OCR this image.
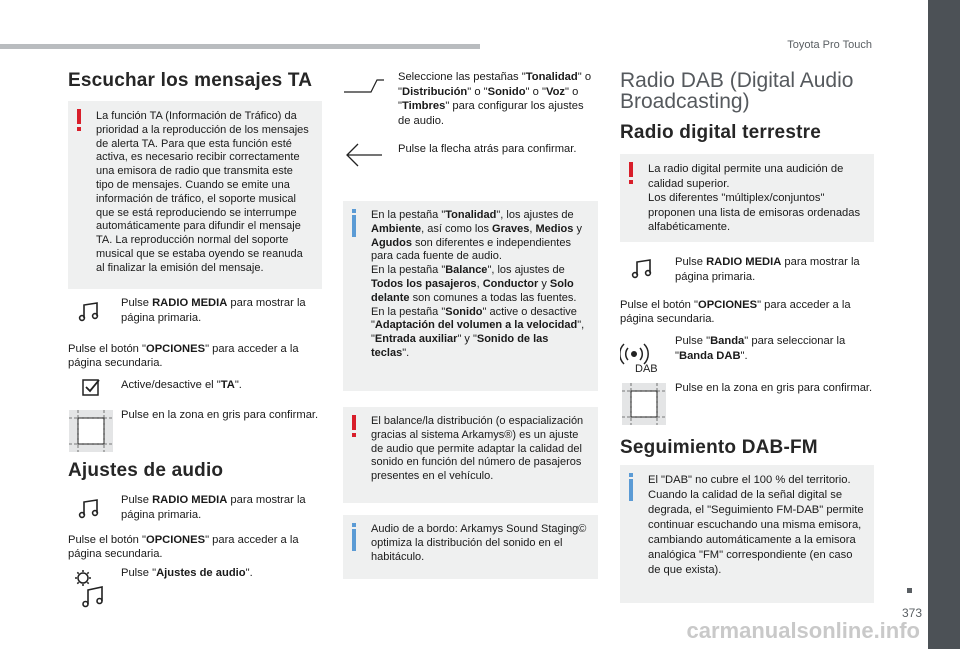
Toyota Pro Touch
373
carmanualsonline.info
Escuchar los mensajes TA
La función TA (Información de Tráfico) da prioridad a la reproducción de los mensajes de alerta TA. Para que esta función esté activa, es necesario recibir correctamente una emisora de radio que transmita este tipo de mensajes. Cuando se emite una información de tráfico, el soporte musical que se está reproduciendo se interrumpe automáticamente para difundir el mensaje TA. La reproducción normal del soporte musical que se estaba oyendo se reanuda al finalizar la emisión del mensaje.
Pulse RADIO MEDIA para mostrar la página primaria.
Pulse el botón "OPCIONES" para acceder a la página secundaria.
Active/desactive el "TA".
Pulse en la zona en gris para confirmar.
Ajustes de audio
Pulse RADIO MEDIA para mostrar la página primaria.
Pulse el botón "OPCIONES" para acceder a la página secundaria.
Pulse "Ajustes de audio".
Seleccione las pestañas "Tonalidad" o "Distribución" o "Sonido" o "Voz" o "Timbres" para configurar los ajustes de audio.
Pulse la flecha atrás para confirmar.
En la pestaña "Tonalidad", los ajustes de Ambiente, así como los Graves, Medios y Agudos son diferentes e independientes para cada fuente de audio.
En la pestaña "Balance", los ajustes de Todos los pasajeros, Conductor y Solo delante son comunes a todas las fuentes.
En la pestaña "Sonido" active o desactive "Adaptación del volumen a la velocidad", "Entrada auxiliar" y "Sonido de las teclas".
El balance/la distribución (o espacialización gracias al sistema Arkamys®) es un ajuste de audio que permite adaptar la calidad del sonido en función del número de pasajeros presentes en el vehículo.
Audio de a bordo: Arkamys Sound Staging© optimiza la distribución del sonido en el habitáculo.
Radio DAB (Digital Audio
Broadcasting)
Radio digital terrestre
La radio digital permite una audición de calidad superior.
Los diferentes "múltiplex/conjuntos" proponen una lista de emisoras ordenadas alfabéticamente.
Pulse RADIO MEDIA para mostrar la página primaria.
Pulse el botón "OPCIONES" para acceder a la página secundaria.
DAB
Pulse "Banda" para seleccionar la "Banda DAB".
Pulse en la zona en gris para confirmar.
Seguimiento DAB-FM
El "DAB" no cubre el 100 % del territorio. Cuando la calidad de la señal digital se degrada, el "Seguimiento FM-DAB" permite continuar escuchando una misma emisora, cambiando automáticamente a la emisora analógica "FM" correspondiente (en caso de que exista).
